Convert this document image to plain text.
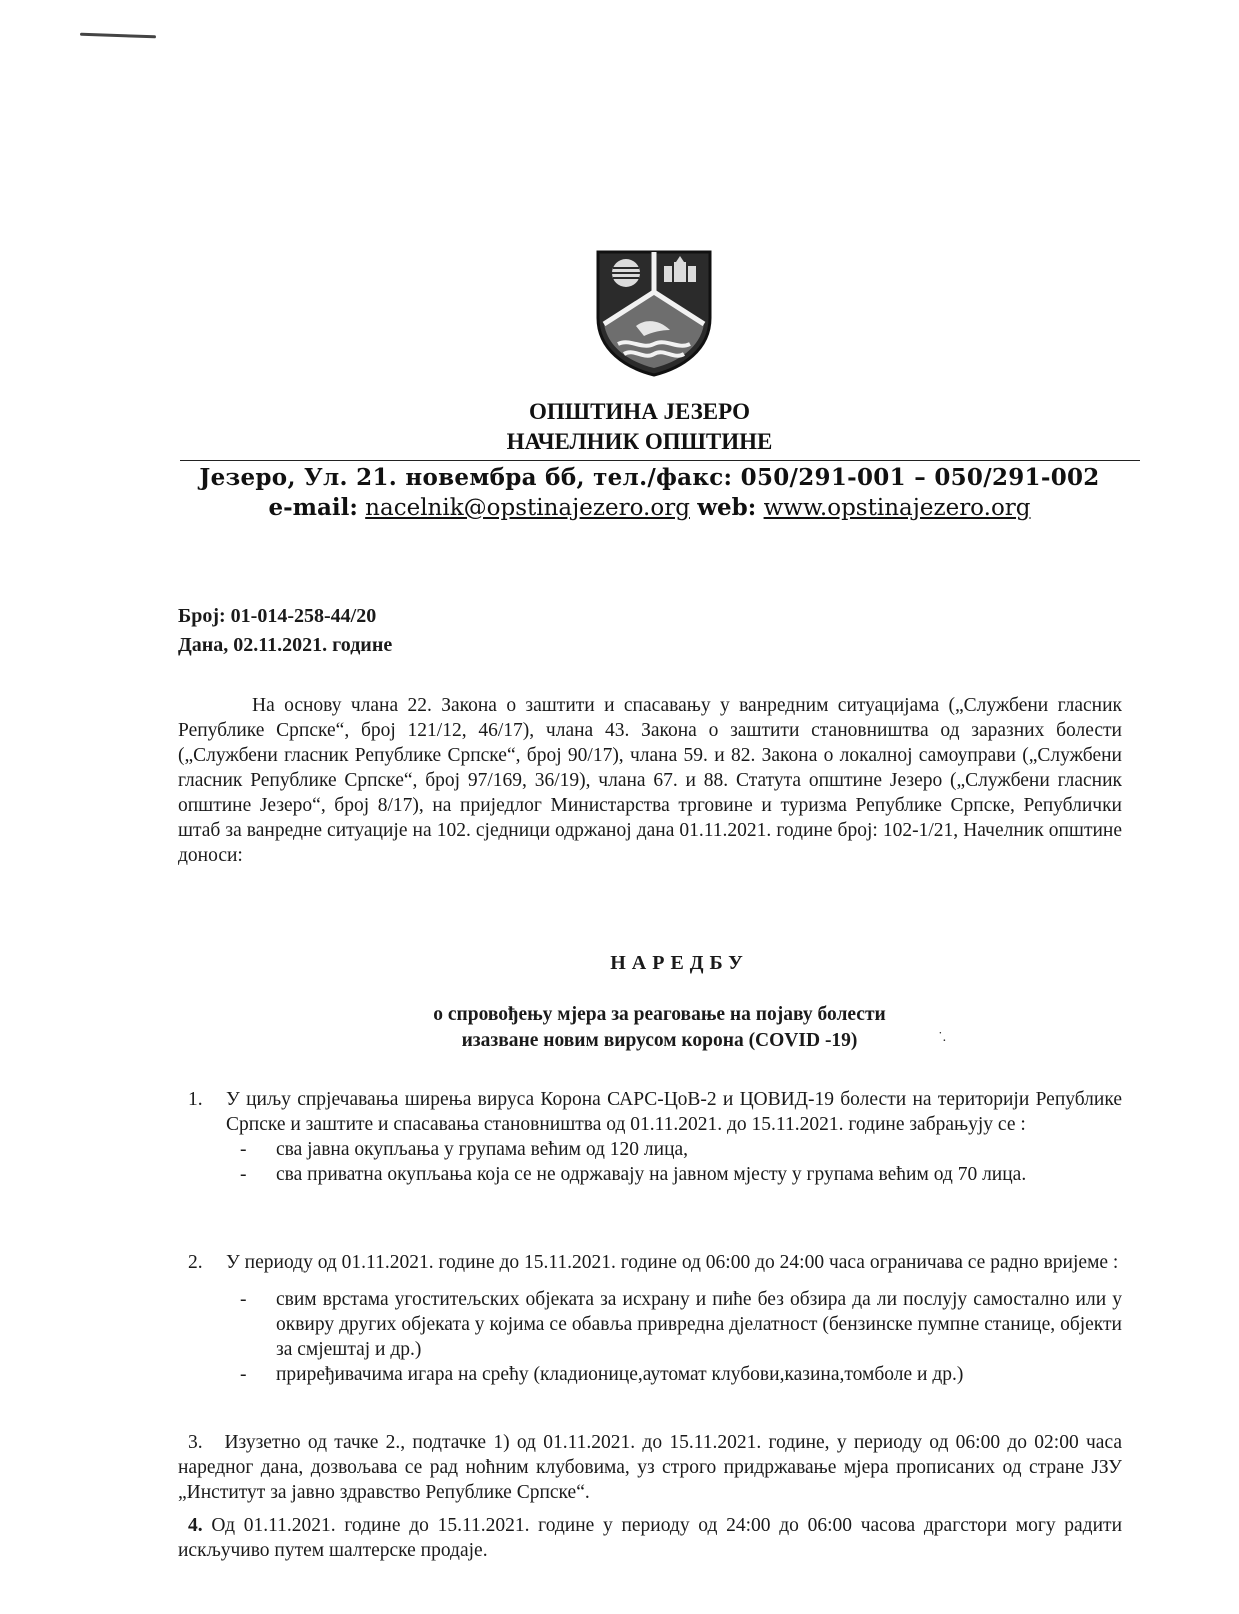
ОПШТИНА ЈЕЗЕРО
НАЧЕЛНИК ОПШТИНЕ
Језеро, Ул. 21. новембра бб, тел./факс: 050/291-001 – 050/291-002
e-mail: nacelnik@opstinajezero.org web: www.opstinajezero.org
Број: 01-014-258-44/20
Дана, 02.11.2021. године
На основу члана 22. Закона о заштити и спасавању у ванредним ситуацијама („Службени гласник Републике Српске“, број 121/12, 46/17), члана 43. Закона о заштити становништва од заразних болести („Службени гласник Републике Српске“, број 90/17), члана 59. и 82. Закона о локалној самоуправи („Службени гласник Републике Српске“, број 97/169, 36/19), члана 67. и 88. Статута општине Језеро („Службени гласник општине Језеро“, број 8/17), на приједлог Министарства трговине и туризма Републике Српске, Републички штаб за ванредне ситуације на 102. сједници одржаној дана 01.11.2021. године број: 102-1/21, Начелник општине доноси:
НАРЕДБУ
о спровођењу мјера за реаговање на појаву болести
изазване новим вирусом корона (COVID -19)	˙.
1. У циљу спрјечавања ширења вируса Корона САРС-ЦоВ-2 и ЦОВИД-19 болести на територији Републике Српске и заштите и спасавања становништва од 01.11.2021. до 15.11.2021. године забрањују се :
- сва јавна окупљања у групама већим од 120 лица,
- сва приватна окупљања која се не одржавају на јавном мјесту у групама већим од 70 лица.
2. У периоду од 01.11.2021. године до 15.11.2021. године од 06:00 до 24:00 часа ограничава се радно вријеме :
- свим врстама угоститељских објеката за исхрану и пиће без обзира да ли послују самостално или у оквиру других објеката у којима се обавља привредна дјелатност (бензинске пумпне станице, објекти за смјештај и др.)
- приређивачима игара на срећу (кладионице,аутомат клубови,казина,томболе и др.)
3. Изузетно од тачке 2., подтачке 1) од 01.11.2021. до 15.11.2021. године, у периоду од 06:00 до 02:00 часа наредног дана, дозвољава се рад ноћним клубовима, уз строго придржавање мјера прописаних од стране ЈЗУ „Институт за јавно здравство Републике Српске“.
4. Од 01.11.2021. године до 15.11.2021. године у периоду од 24:00 до 06:00 часова драгстори могу радити искључиво путем шалтерске продаје.
